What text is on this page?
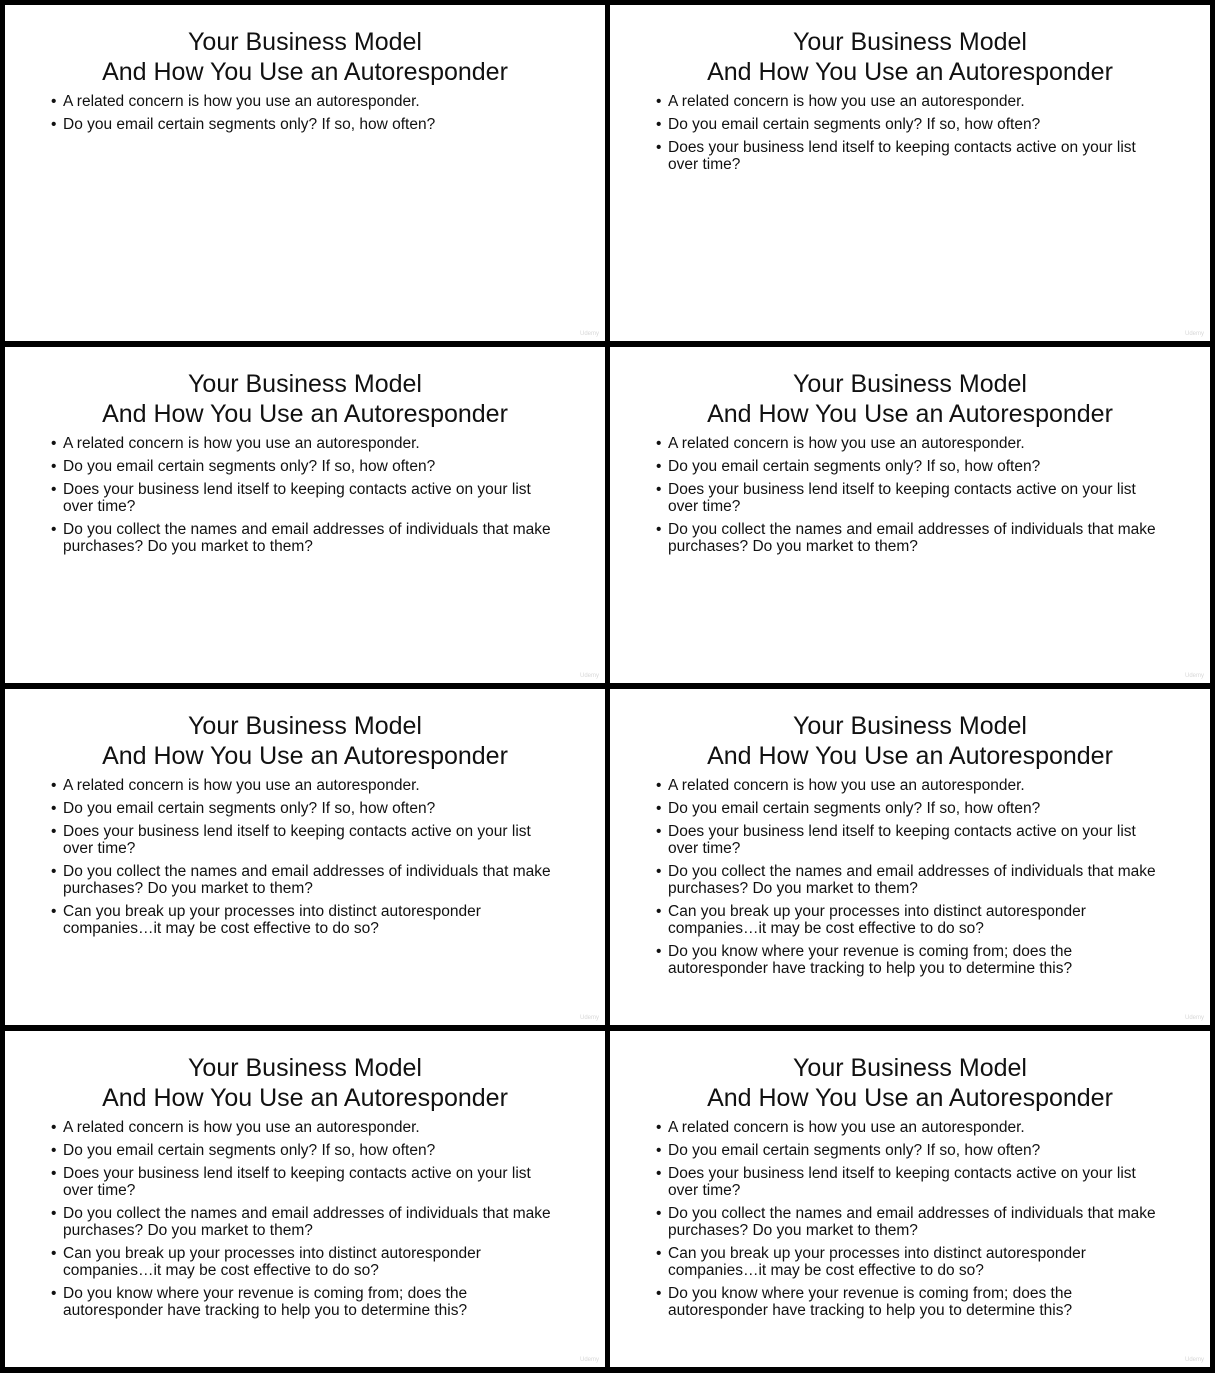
Your Business Model
And How You Use an Autoresponder
• A related concern is how you use an autoresponder.
• Do you email certain segments only? If so, how often?
Udemy
Your Business Model
And How You Use an Autoresponder
• A related concern is how you use an autoresponder.
• Do you email certain segments only? If so, how often?
• Does your business lend itself to keeping contacts active on your list over time?
Udemy
Your Business Model
And How You Use an Autoresponder
• A related concern is how you use an autoresponder.
• Do you email certain segments only? If so, how often?
• Does your business lend itself to keeping contacts active on your list over time?
• Do you collect the names and email addresses of individuals that make purchases? Do you market to them?
Udemy
Your Business Model
And How You Use an Autoresponder
• A related concern is how you use an autoresponder.
• Do you email certain segments only? If so, how often?
• Does your business lend itself to keeping contacts active on your list over time?
• Do you collect the names and email addresses of individuals that make purchases? Do you market to them?
Udemy
Your Business Model
And How You Use an Autoresponder
• A related concern is how you use an autoresponder.
• Do you email certain segments only? If so, how often?
• Does your business lend itself to keeping contacts active on your list over time?
• Do you collect the names and email addresses of individuals that make purchases? Do you market to them?
• Can you break up your processes into distinct autoresponder companies…it may be cost effective to do so?
Udemy
Your Business Model
And How You Use an Autoresponder
• A related concern is how you use an autoresponder.
• Do you email certain segments only? If so, how often?
• Does your business lend itself to keeping contacts active on your list over time?
• Do you collect the names and email addresses of individuals that make purchases? Do you market to them?
• Can you break up your processes into distinct autoresponder companies…it may be cost effective to do so?
• Do you know where your revenue is coming from; does the autoresponder have tracking to help you to determine this?
Udemy
Your Business Model
And How You Use an Autoresponder
• A related concern is how you use an autoresponder.
• Do you email certain segments only? If so, how often?
• Does your business lend itself to keeping contacts active on your list over time?
• Do you collect the names and email addresses of individuals that make purchases? Do you market to them?
• Can you break up your processes into distinct autoresponder companies…it may be cost effective to do so?
• Do you know where your revenue is coming from; does the autoresponder have tracking to help you to determine this?
Udemy
Your Business Model
And How You Use an Autoresponder
• A related concern is how you use an autoresponder.
• Do you email certain segments only? If so, how often?
• Does your business lend itself to keeping contacts active on your list over time?
• Do you collect the names and email addresses of individuals that make purchases? Do you market to them?
• Can you break up your processes into distinct autoresponder companies…it may be cost effective to do so?
• Do you know where your revenue is coming from; does the autoresponder have tracking to help you to determine this?
Udemy
